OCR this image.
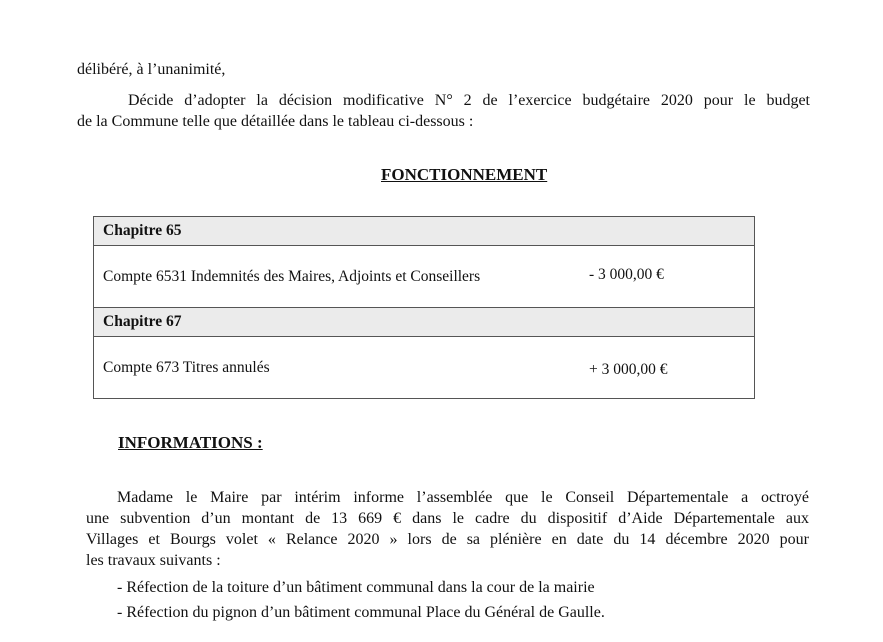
délibéré, à l’unanimité,
Décide d’adopter la décision modificative N° 2 de l’exercice budgétaire 2020 pour le budget
de la Commune telle que détaillée dans le tableau ci-dessous :
FONCTIONNEMENT
Chapitre 65
Compte 6531 Indemnités des Maires, Adjoints et Conseillers	- 3 000,00 €

Chapitre 67
Compte 673 Titres annulés	+ 3 000,00 €
INFORMATIONS :
Madame le Maire par intérim informe l’assemblée que le Conseil Départementale a octroyé
une subvention d’un montant de 13 669 € dans le cadre du dispositif d’Aide Départementale aux
Villages et Bourgs volet « Relance 2020 » lors de sa plénière en date du 14 décembre 2020 pour
les travaux suivants :
- Réfection de la toiture d’un bâtiment communal dans la cour de la mairie
- Réfection du pignon d’un bâtiment communal Place du Général de Gaulle.
